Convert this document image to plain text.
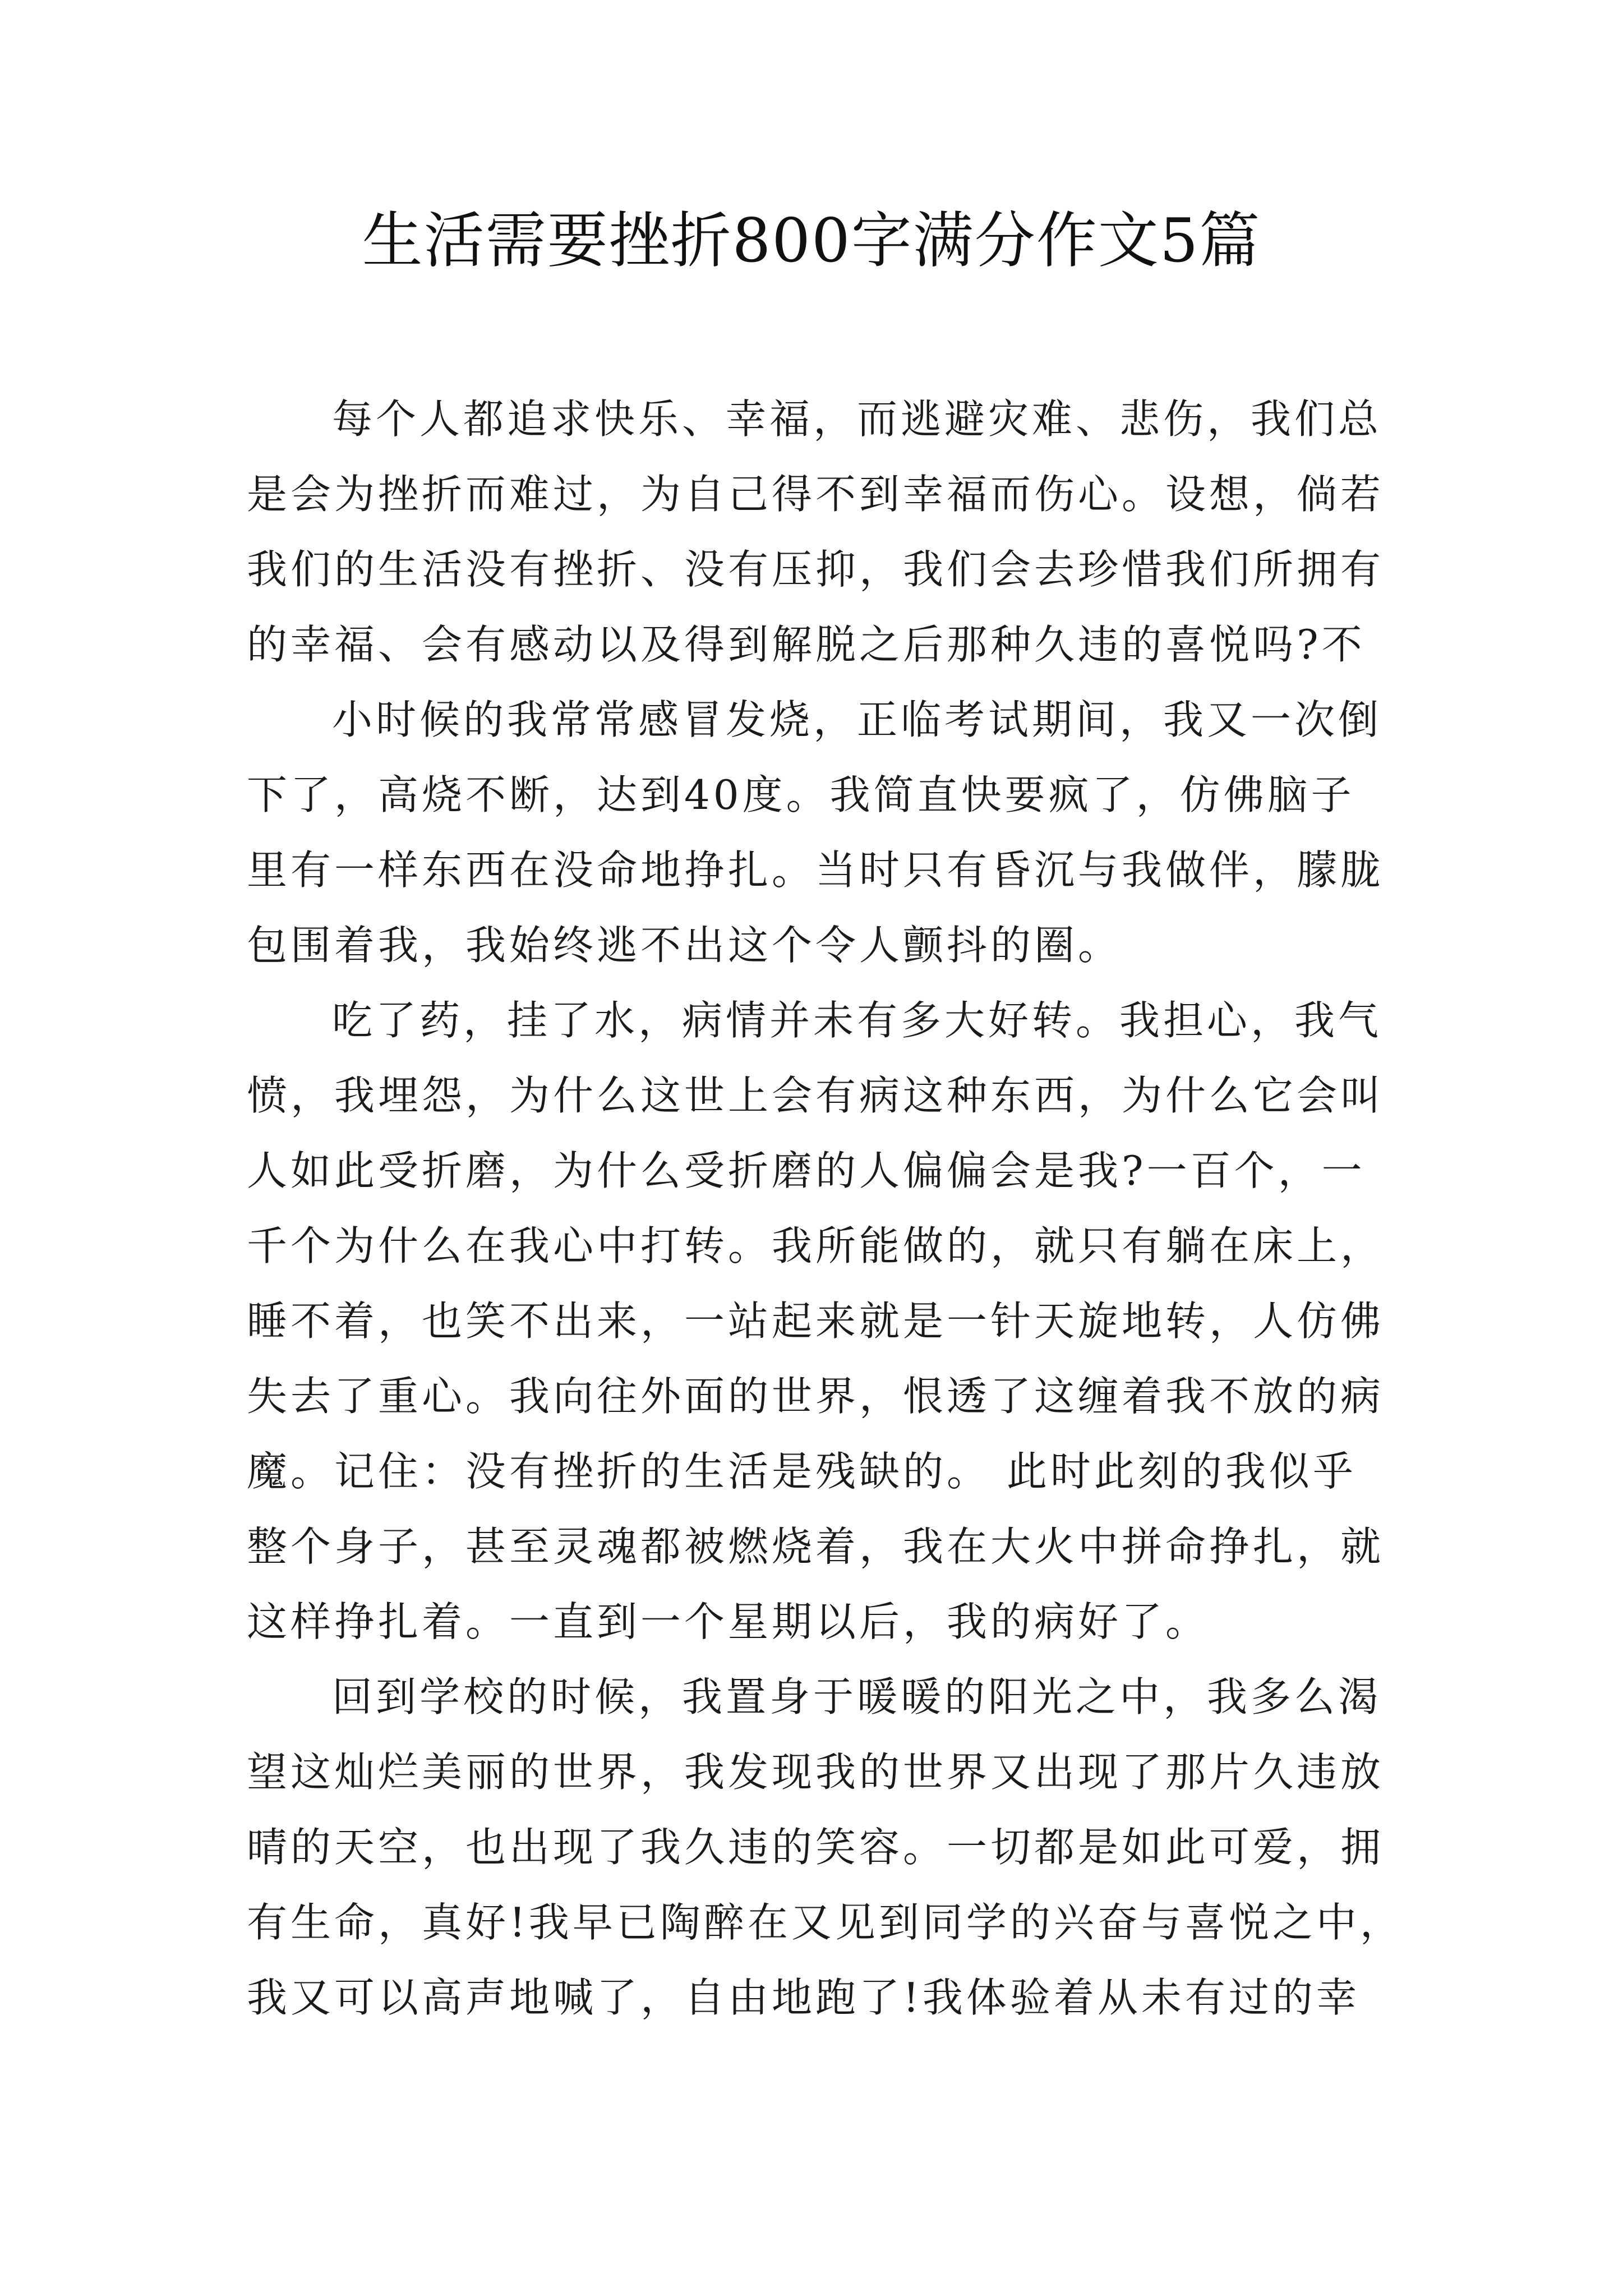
生活需要挫折800字满分作文5篇
每个人都追求快乐、幸福，而逃避灾难、悲伤，我们总
是会为挫折而难过，为自己得不到幸福而伤心。设想，倘若
我们的生活没有挫折、没有压抑，我们会去珍惜我们所拥有
的幸福、会有感动以及得到解脱之后那种久违的喜悦吗?不
小时候的我常常感冒发烧，正临考试期间，我又一次倒
下了，高烧不断，达到40度。我简直快要疯了，仿佛脑子
里有一样东西在没命地挣扎。当时只有昏沉与我做伴，朦胧
包围着我，我始终逃不出这个令人颤抖的圈。
吃了药，挂了水，病情并未有多大好转。我担心，我气
愤，我埋怨，为什么这世上会有病这种东西，为什么它会叫
人如此受折磨，为什么受折磨的人偏偏会是我?一百个，一
千个为什么在我心中打转。我所能做的，就只有躺在床上，
睡不着，也笑不出来，一站起来就是一针天旋地转，人仿佛
失去了重心。我向往外面的世界，恨透了这缠着我不放的病
魔。记住：没有挫折的生活是残缺的。 此时此刻的我似乎
整个身子，甚至灵魂都被燃烧着，我在大火中拼命挣扎，就
这样挣扎着。一直到一个星期以后，我的病好了。
回到学校的时候，我置身于暖暖的阳光之中，我多么渴
望这灿烂美丽的世界，我发现我的世界又出现了那片久违放
晴的天空，也出现了我久违的笑容。一切都是如此可爱，拥
有生命，真好!我早已陶醉在又见到同学的兴奋与喜悦之中，
我又可以高声地喊了，自由地跑了!我体验着从未有过的幸
